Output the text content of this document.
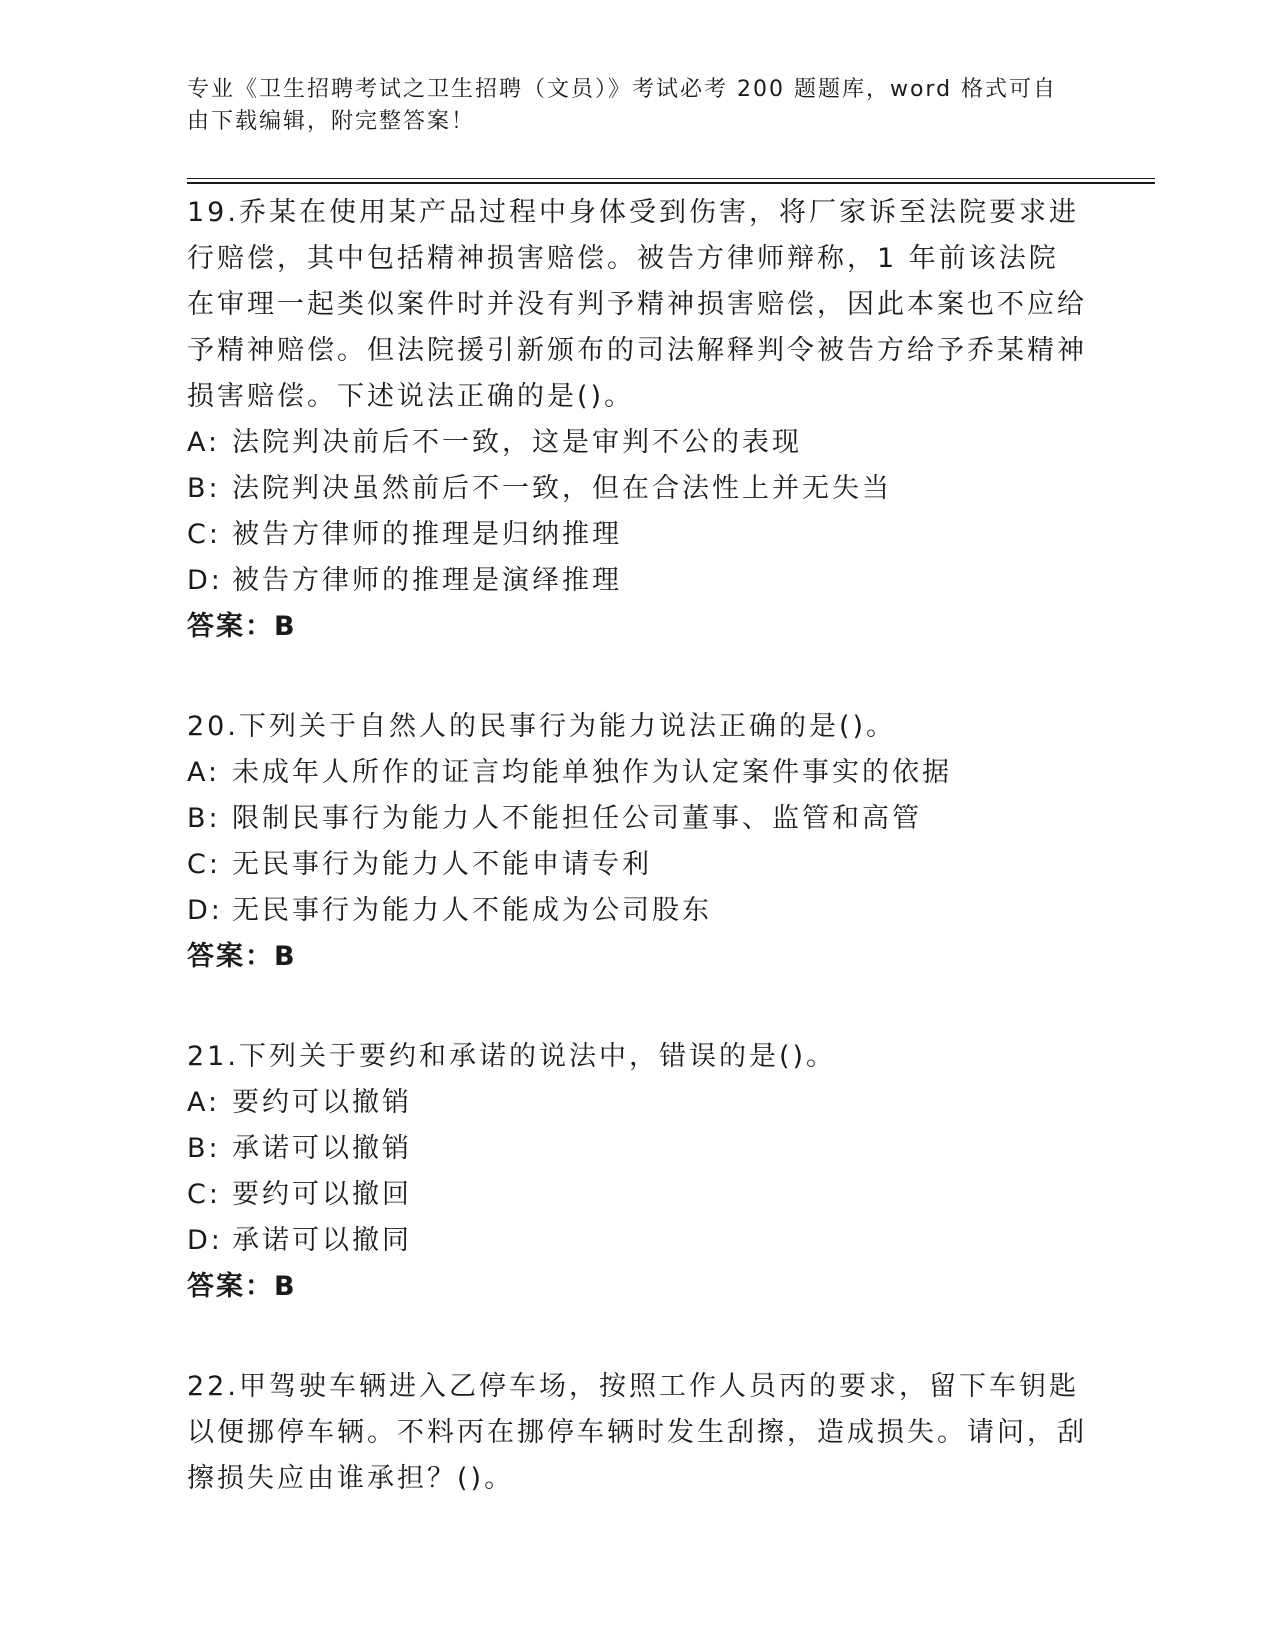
专业《卫生招聘考试之卫生招聘（文员）》考试必考 200 题题库，word 格式可自由下载编辑，附完整答案！

19.乔某在使用某产品过程中身体受到伤害，将厂家诉至法院要求进行赔偿，其中包括精神损害赔偿。被告方律师辩称，1 年前该法院在审理一起类似案件时并没有判予精神损害赔偿，因此本案也不应给予精神赔偿。但法院援引新颁布的司法解释判令被告方给予乔某精神损害赔偿。下述说法正确的是()。

A: 法院判决前后不一致，这是审判不公的表现
B: 法院判决虽然前后不一致，但在合法性上并无失当
C: 被告方律师的推理是归纳推理
D: 被告方律师的推理是演绎推理

答案：B

20.下列关于自然人的民事行为能力说法正确的是()。

A: 未成年人所作的证言均能单独作为认定案件事实的依据
B: 限制民事行为能力人不能担任公司董事、监管和高管
C: 无民事行为能力人不能申请专利
D: 无民事行为能力人不能成为公司股东

答案：B

21.下列关于要约和承诺的说法中，错误的是()。

A: 要约可以撤销
B: 承诺可以撤销
C: 要约可以撤回
D: 承诺可以撤同

答案：B

22.甲驾驶车辆进入乙停车场，按照工作人员丙的要求，留下车钥匙以便挪停车辆。不料丙在挪停车辆时发生刮擦，造成损失。请问，刮擦损失应由谁承担？()。
